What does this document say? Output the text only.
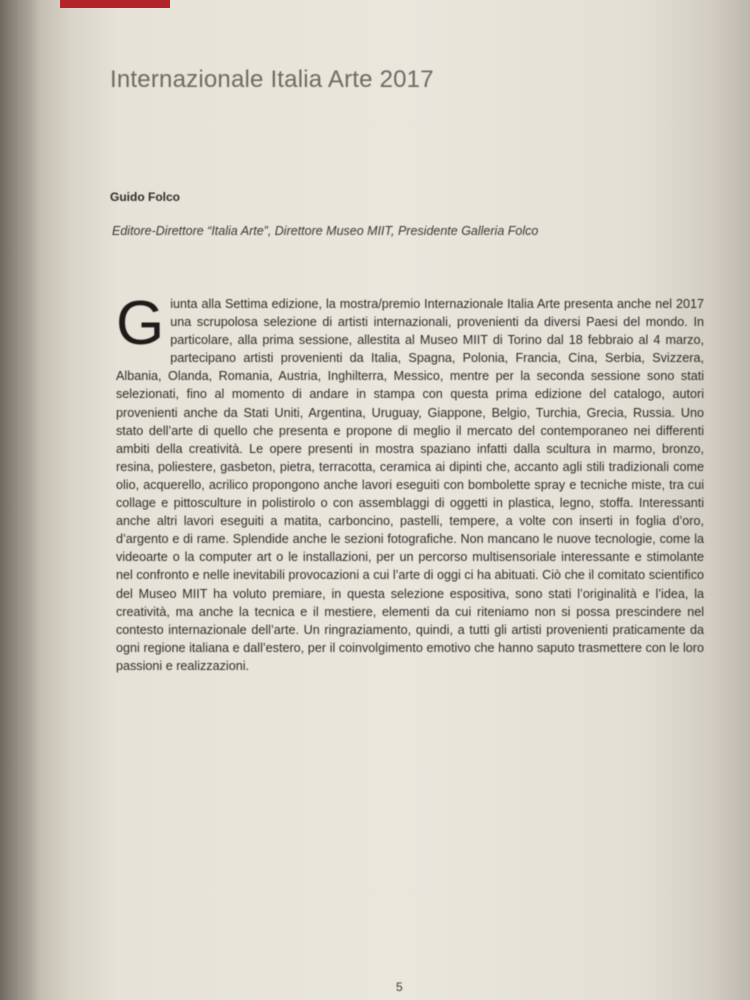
Internazionale Italia Arte 2017
Guido Folco
Editore-Direttore “Italia Arte”, Direttore Museo MIIT, Presidente Galleria Folco
G iunta alla Settima edizione, la mostra/premio Internazionale Italia Arte presenta anche nel 2017 una scrupolosa selezione di artisti internazionali, provenienti da diversi Paesi del mondo. In particolare, alla prima sessione, allestita al Museo MIIT di Torino dal 18 febbraio al 4 marzo, partecipano artisti provenienti da Italia, Spagna, Polonia, Francia, Cina, Serbia, Svizzera, Albania, Olanda, Romania, Austria, Inghilterra, Messico, mentre per la seconda sessione sono stati selezionati, fino al momento di andare in stampa con questa prima edizione del catalogo, autori provenienti anche da Stati Uniti, Argentina, Uruguay, Giappone, Belgio, Turchia, Grecia, Russia. Uno stato dell’arte di quello che presenta e propone di meglio il mercato del contemporaneo nei differenti ambiti della creatività. Le opere presenti in mostra spaziano infatti dalla scultura in marmo, bronzo, resina, poliestere, gasbeton, pietra, terracotta, ceramica ai dipinti che, accanto agli stili tradizionali come olio, acquerello, acrilico propongono anche lavori eseguiti con bombolette spray e tecniche miste, tra cui collage e pittosculture in polistirolo o con assemblaggi di oggetti in plastica, legno, stoffa. Interessanti anche altri lavori eseguiti a matita, carboncino, pastelli, tempere, a volte con inserti in foglia d’oro, d’argento e di rame. Splendide anche le sezioni fotografiche. Non mancano le nuove tecnologie, come la videoarte o la computer art o le installazioni, per un percorso multisensoriale interessante e stimolante nel confronto e nelle inevitabili provocazioni a cui l’arte di oggi ci ha abituati. Ciò che il comitato scientifico del Museo MIIT ha voluto premiare, in questa selezione espositiva, sono stati l’originalità e l’idea, la creatività, ma anche la tecnica e il mestiere, elementi da cui riteniamo non si possa prescindere nel contesto internazionale dell’arte. Un ringraziamento, quindi, a tutti gli artisti provenienti praticamente da ogni regione italiana e dall’estero, per il coinvolgimento emotivo che hanno saputo trasmettere con le loro passioni e realizzazioni.
5
